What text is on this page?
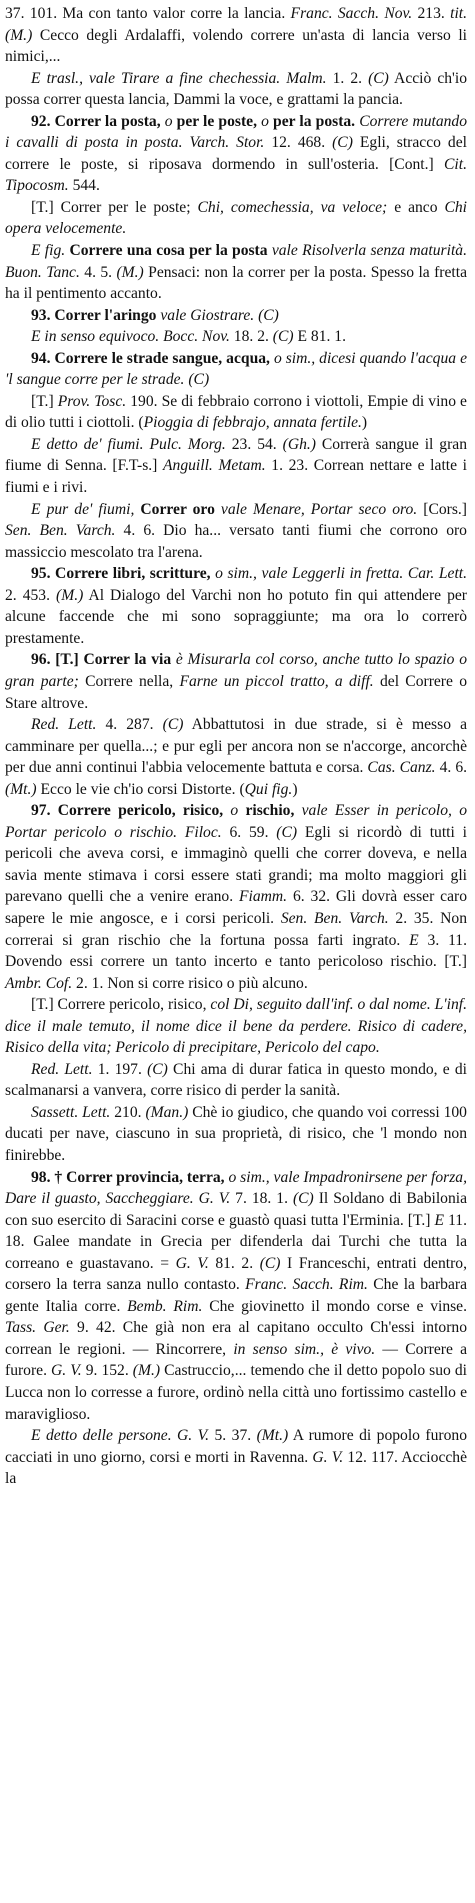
37. 101. Ma con tanto valor corre la lancia. Franc. Sacch. Nov. 213. tit. (M.) Cecco degli Ardalaffi, volendo correre un'asta di lancia verso li nimici,...

E trasl., vale Tirare a fine chechessia. Malm. 1. 2. (C) Acciò ch'io possa correr questa lancia, Dammi la voce, e grattami la pancia.

92. Correr la posta, o per le poste, o per la posta. Correre mutando i cavalli di posta in posta. Varch. Stor. 12. 468. (C) Egli, stracco del correre le poste, si riposava dormendo in sull'osteria. [Cont.] Cit. Tipocosm. 544.

[T.] Correr per le poste; Chi, comechessia, va veloce; e anco Chi opera velocemente.

E fig. Correre una cosa per la posta vale Risolverla senza maturità. Buon. Tanc. 4. 5. (M.) Pensaci: non la correr per la posta. Spesso la fretta ha il pentimento accanto.

93. Correr l'aringo vale Giostrare. (C)

E in senso equivoco. Bocc. Nov. 18. 2. (C) E 81. 1.

94. Correre le strade sangue, acqua, o sim., dicesi quando l'acqua e 'l sangue corre per le strade. (C)

[T.] Prov. Tosc. 190. Se di febbraio corrono i viottoli, Empie di vino e di olio tutti i ciottoli. (Pioggia di febbrajo, annata fertile.)

E detto de' fiumi. Pulc. Morg. 23. 54. (Gh.) Correrà sangue il gran fiume di Senna. [F.T-s.] Anguill. Metam. 1. 23. Correan nettare e latte i fiumi e i rivi.

E pur de' fiumi, Correr oro vale Menare, Portar seco oro. [Cors.] Sen. Ben. Varch. 4. 6. Dio ha... versato tanti fiumi che corrono oro massiccio mescolato tra l'arena.

95. Correre libri, scritture, o sim., vale Leggerli in fretta. Car. Lett. 2. 453. (M.) Al Dialogo del Varchi non ho potuto fin qui attendere per alcune faccende che mi sono sopraggiunte; ma ora lo correrò prestamente.

96. [T.] Correr la via è Misurarla col corso, anche tutto lo spazio o gran parte; Correre nella, Farne un piccol tratto, a diff. del Correre o Stare altrove.

Red. Lett. 4. 287. (C) Abbattutosi in due strade, si è messo a camminare per quella...; e pur egli per ancora non se n'accorge, ancorchè per due anni continui l'abbia velocemente battuta e corsa. Cas. Canz. 4. 6. (Mt.) Ecco le vie ch'io corsi Distorte. (Qui fig.)

97. Correre pericolo, risico, o rischio, vale Esser in pericolo, o Portar pericolo o rischio. Filoc. 6. 59. (C) Egli si ricordò di tutti i pericoli che aveva corsi, e immaginò quelli che correr doveva, e nella savia mente stimava i corsi essere stati grandi; ma molto maggiori gli parevano quelli che a venire erano. Fiamm. 6. 32. Gli dovrà esser caro sapere le mie angosce, e i corsi pericoli. Sen. Ben. Varch. 2. 35. Non correrai si gran rischio che la fortuna possa farti ingrato. E 3. 11. Dovendo essi correre un tanto incerto e tanto pericoloso rischio. [T.] Ambr. Cof. 2. 1. Non si corre risico o più alcuno.

[T.] Correre pericolo, risico, col Di, seguito dall'inf. o dal nome. L'inf. dice il male temuto, il nome dice il bene da perdere. Risico di cadere, Risico della vita; Pericolo di precipitare, Pericolo del capo.

Red. Lett. 1. 197. (C) Chi ama di durar fatica in questo mondo, e di scalmanarsi a vanvera, corre risico di perder la sanità.

Sassett. Lett. 210. (Man.) Chè io giudico, che quando voi corressi 100 ducati per nave, ciascuno in sua proprietà, di risico, che 'l mondo non finirebbe.

98. † Correr provincia, terra, o sim., vale Impadronirsene per forza, Dare il guasto, Saccheggiare. G. V. 7. 18. 1. (C) Il Soldano di Babilonia con suo esercito di Saracini corse e guastò quasi tutta l'Erminia. [T.] E 11. 18. Galee mandate in Grecia per difenderla dai Turchi che tutta la correano e guastavano. = G. V. 81. 2. (C) I Franceschi, entrati dentro, corsero la terra sanza nullo contasto. Franc. Sacch. Rim. Che la barbara gente Italia corre. Bemb. Rim. Che giovinetto il mondo corse e vinse. Tass. Ger. 9. 42. Che già non era al capitano occulto Ch'essi intorno correan le regioni. — Rincorrere, in senso sim., è vivo. — Correre a furore. G. V. 9. 152. (M.) Castruccio,... temendo che il detto popolo suo di Lucca non lo corresse a furore, ordinò nella città uno fortissimo castello e maraviglioso.

E detto delle persone. G. V. 5. 37. (Mt.) A rumore di popolo furono cacciati in uno giorno, corsi e morti in Ravenna. G. V. 12. 117. Acciocchè la
